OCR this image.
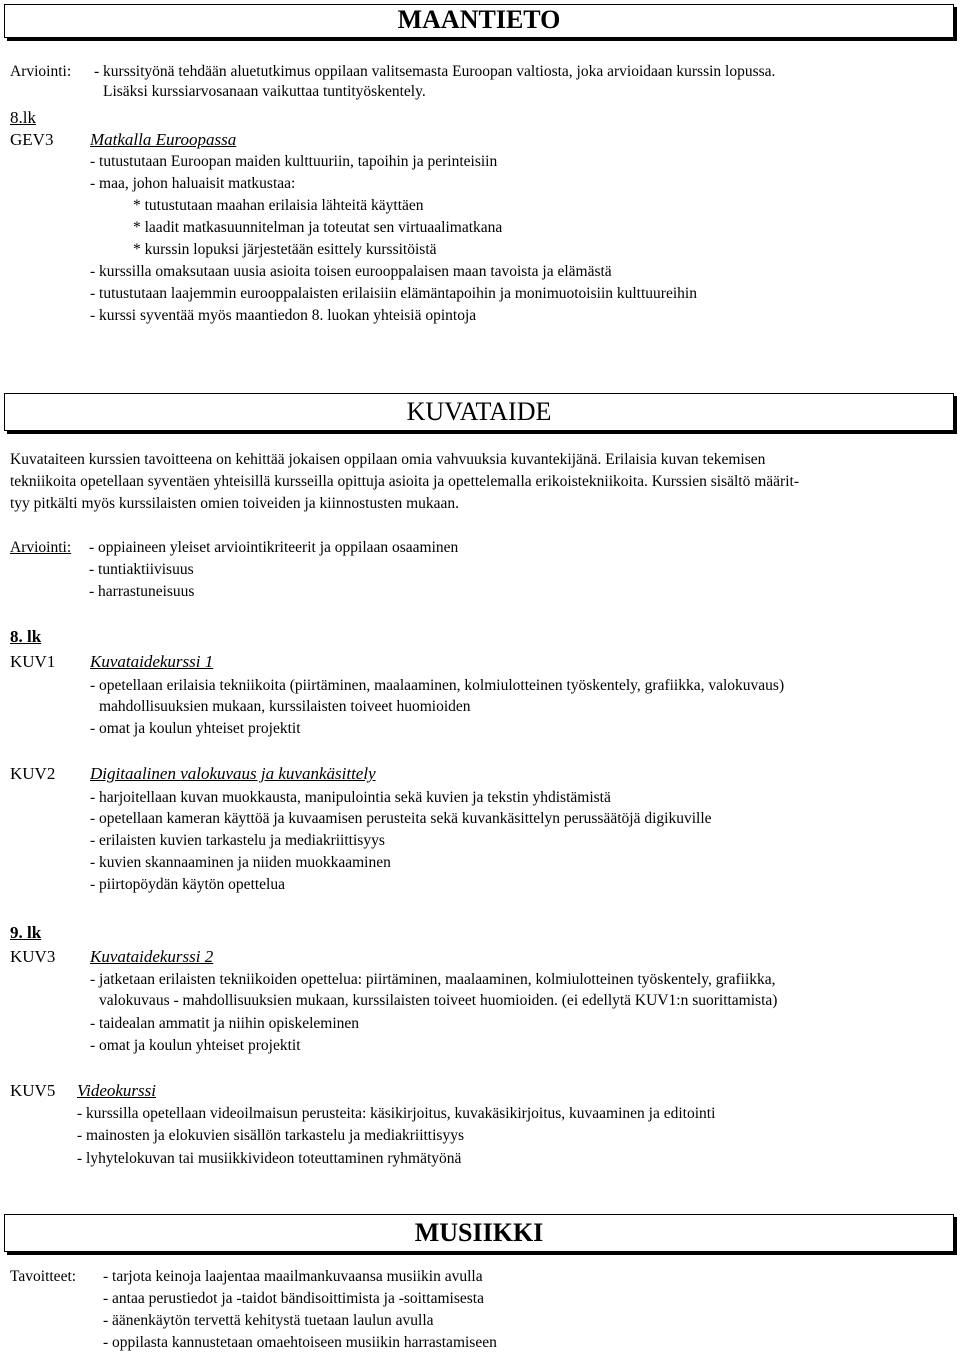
MAANTIETO
Arviointi: - kurssityönä tehdään aluetutkimus oppilaan valitsemasta Euroopan valtiosta, joka arvioidaan kurssin lopussa.
Lisäksi kurssiarvosanaan vaikuttaa tuntityöskentely.
8.lk
GEV3 Matkalla Euroopassa
- tutustutaan Euroopan maiden kulttuuriin, tapoihin ja perinteisiin
- maa, johon haluaisit matkustaa:
* tutustutaan maahan erilaisia lähteitä käyttäen
* laadit matkasuunnitelman ja toteutat sen virtuaalimatkana
* kurssin lopuksi järjestetään esittely kurssitöistä
- kurssilla omaksutaan uusia asioita toisen eurooppalaisen maan tavoista ja elämästä
- tutustutaan laajemmin eurooppalaisten erilaisiin elämäntapoihin ja monimuotoisiin kulttuureihin
- kurssi syventää myös maantiedon 8. luokan yhteisiä opintoja
KUVATAIDE
Kuvataiteen kurssien tavoitteena on kehittää jokaisen oppilaan omia vahvuuksia kuvantekijänä. Erilaisia kuvan tekemisen
tekniikoita opetellaan syventäen yhteisillä kursseilla opittuja asioita ja opettelemalla erikoistekniikoita. Kurssien sisältö määrit-
tyy pitkälti myös kurssilaisten omien toiveiden ja kiinnostusten mukaan.
Arviointi: - oppiaineen yleiset arviointikriteerit ja oppilaan osaaminen
- tuntiaktiivisuus
- harrastuneisuus
8. lk
KUV1 Kuvataidekurssi 1
- opetellaan erilaisia tekniikoita (piirtäminen, maalaaminen, kolmiulotteinen työskentely, grafiikka, valokuvaus)
mahdollisuuksien mukaan, kurssilaisten toiveet huomioiden
- omat ja koulun yhteiset projektit
KUV2 Digitaalinen valokuvaus ja kuvankäsittely
- harjoitellaan kuvan muokkausta, manipulointia sekä kuvien ja tekstin yhdistämistä
- opetellaan kameran käyttöä ja kuvaamisen perusteita sekä kuvankäsittelyn perussäätöjä digikuville
- erilaisten kuvien tarkastelu ja mediakriittisyys
- kuvien skannaaminen ja niiden muokkaaminen
- piirtopöydän käytön opettelua
9. lk
KUV3 Kuvataidekurssi 2
- jatketaan erilaisten tekniikoiden opettelua: piirtäminen, maalaaminen, kolmiulotteinen työskentely, grafiikka,
valokuvaus - mahdollisuuksien mukaan, kurssilaisten toiveet huomioiden. (ei edellytä KUV1:n suorittamista)
- taidealan ammatit ja niihin opiskeleminen
- omat ja koulun yhteiset projektit
KUV5 Videokurssi
- kurssilla opetellaan videoilmaisun perusteita: käsikirjoitus, kuvakäsikirjoitus, kuvaaminen ja editointi
- mainosten ja elokuvien sisällön tarkastelu ja mediakriittisyys
- lyhytelokuvan tai musiikkivideon toteuttaminen ryhmätyönä
MUSIIKKI
Tavoitteet: - tarjota keinoja laajentaa maailmankuvaansa musiikin avulla
- antaa perustiedot ja -taidot bändisoittimista ja -soittamisesta
- äänenkäytön tervettä kehitystä tuetaan laulun avulla
- oppilasta kannustetaan omaehtoiseen musiikin harrastamiseen
